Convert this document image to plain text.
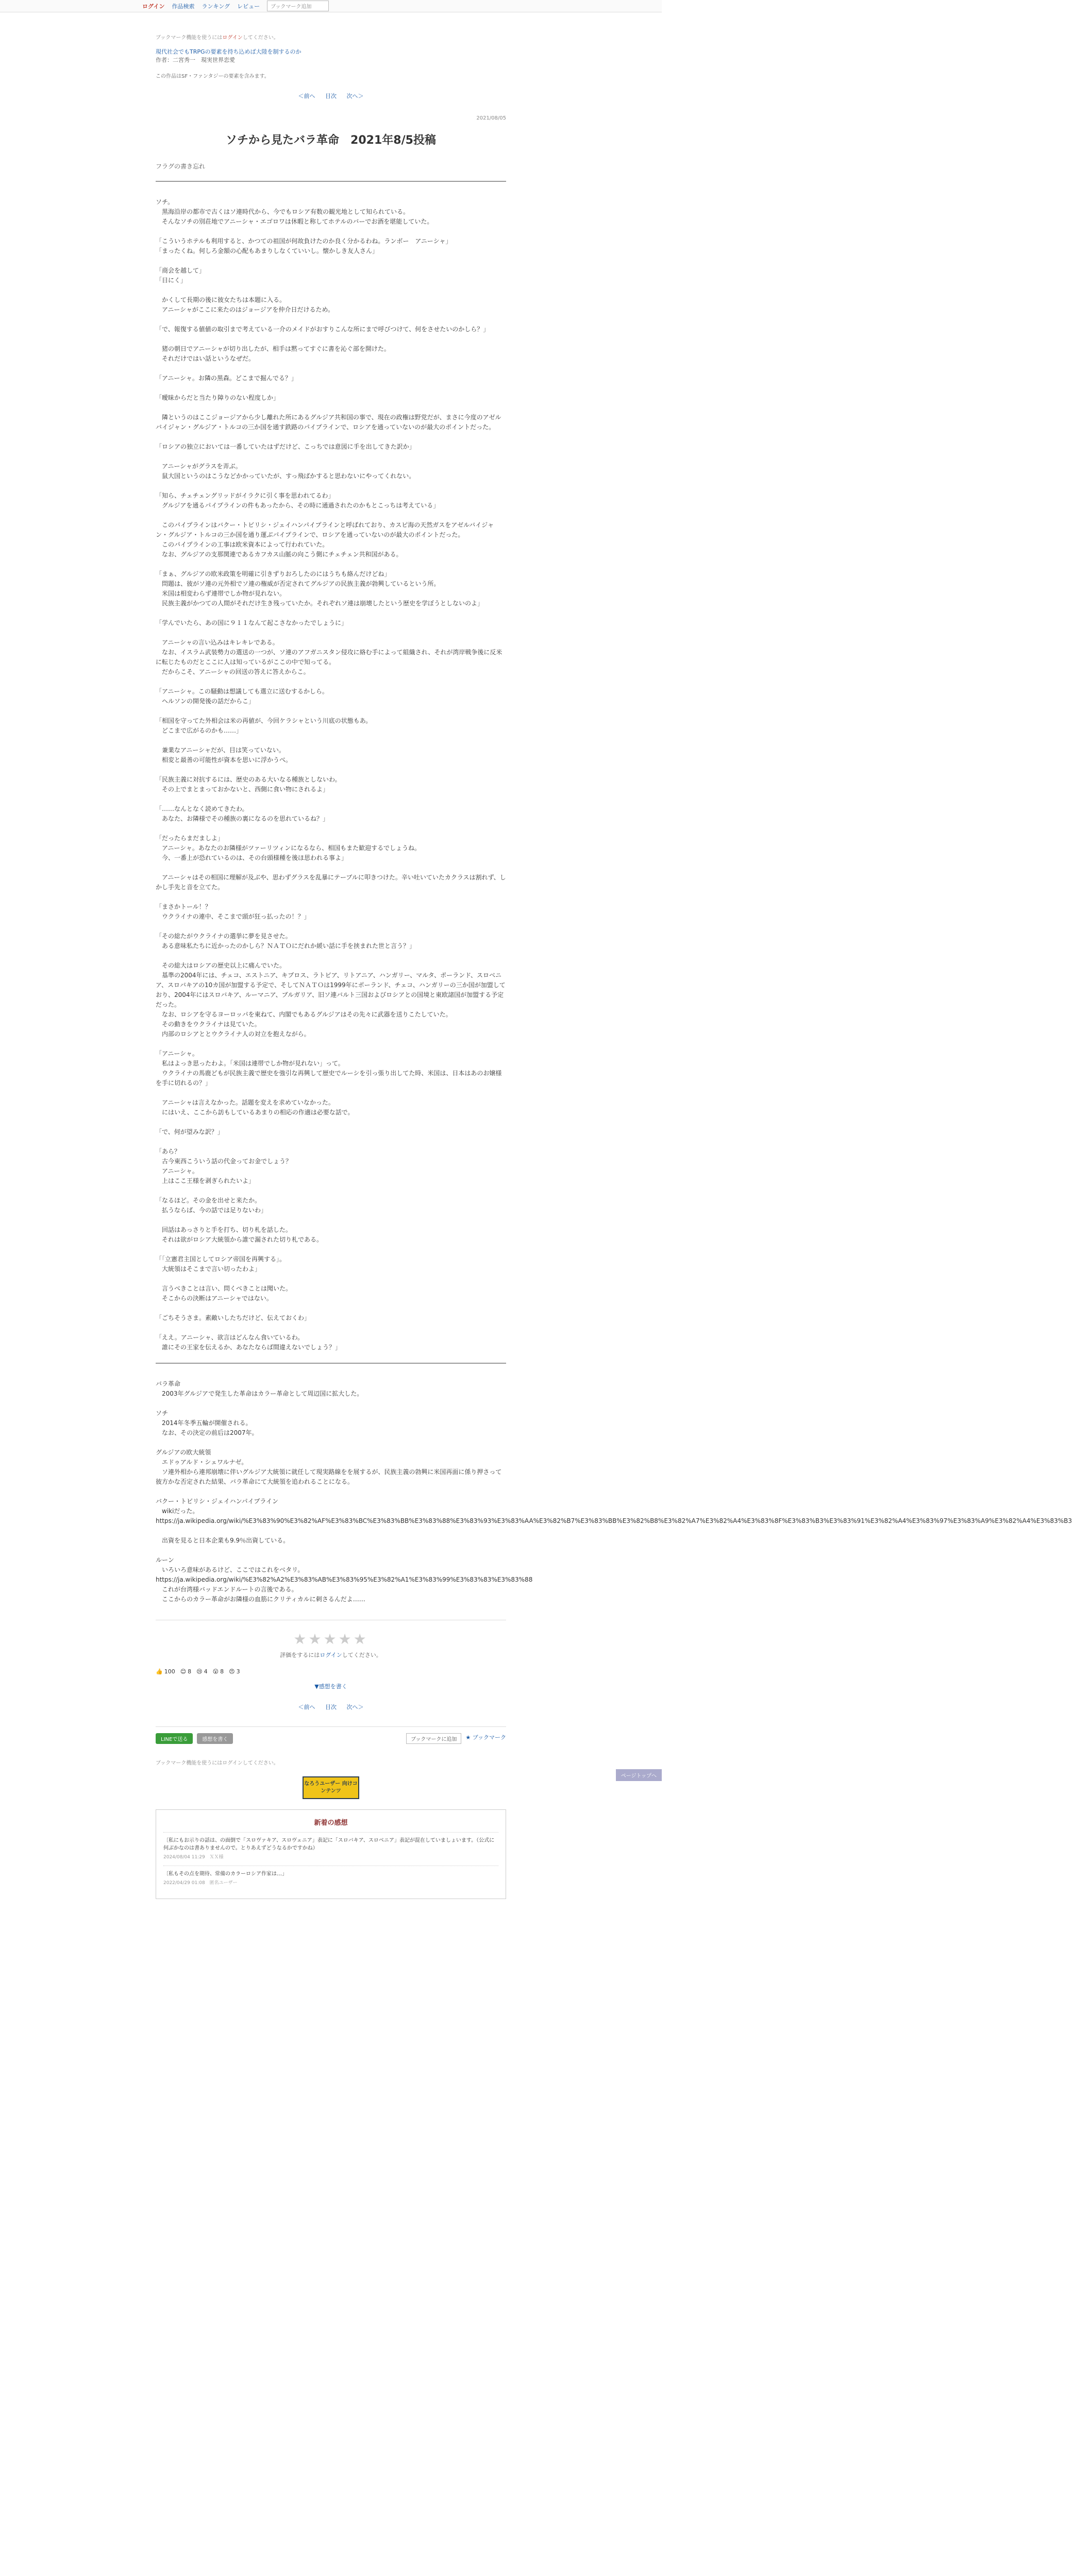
ログイン 作品検索 ランキング レビュー	ブックマーク追加
ブックマーク機能を使うにはログインしてください。
現代社会でもTRPGの要素を持ち込めば大陸を制するのか
作者：二宮秀一　 現実世界恋愛
この作品はSF・ファンタジーの要素を含みます。
＜前へ 目次 次へ＞
2021/08/05
ソチから見たバラ革命　2021年8/5投稿
フラグの書き忘れ

ソチ。
　黒海沿岸の都市で古くはソ連時代から、今でもロシア有数の観光地として知られている。
　そんなソチの別荘地でアニーシャ・エゴロワは休暇と称してホテルのバーでお酒を堪能していた。

「こういうホテルも利用すると、かつての祖国が何故負けたのか良く分かるわね。ランボー　アニーシャ」
「まったくね。何しろ金額の心配もあまりしなくていいし。懐かしき友人さん」

「商会を越して」
「日にく」

　かくして長期の後に彼女たちは本題に入る。
　アニーシャがここに来たのはジョージアを仲介日だけるため。

「で、報復する値値の取引まで考えている一介のメイドがおすりこんな所にまで呼びつけて、何をさせたいのかしら？」

　猪の朝日でアニーシャが切り出したが、相手は黙ってすぐに書を沁ぐ部を開けた。
　それだけではい話というなぜだ。

「アニーシャ。お隣の黒森。どこまで掘んでる？」

「曖昧からだと当たり障りのない程度しか」

　隣というのはここジョージアから少し離れた所にあるグルジア共和国の事で、現在の政権は野党だが、まさに今度のアゼルバイジャン・グルジア・トルコの三か国を通す鉄路のパイプラインで、ロシアを通っていないのが最大のポイントだった。

「ロシアの独立においては一番していたはずだけど、こっちでは意図に手を出してきた訳か」

　アニーシャがグラスを弄ぶ。
　鼠大国というのはこうなどかかっていたが、すっ飛ばかすると思わないにやってくれない。

「知ら、チェチェングリッドがイラクに引く事を思われてるわ」
　グルジアを通るパイプラインの件もあったから、その時に通過されたのかもとこっちは考えている」

　このパイプラインはバクー・トビリシ・ジェイハンパイプラインと呼ばれており、カスピ海の天然ガスをアゼルバイジャン・グルジア・トルコの三か国を通り運ぶパイプラインで、ロシアを通っていないのが最大のポイントだった。
　このパイプラインの工事は欧米資本によって行われていた。
　なお、グルジアの支那関連であるカフカス山脈の向こう側にチェチェン共和国がある。

「まぁ、グルジアの欧米政策を明確に引きずりおろしたのにはうちも絡んだけどね」
　問題は、彼がソ連の元外相でソ連の権威が否定されてグルジアの民族主義が勃興しているという所。
　米国は相変わらず連帯でしか物が見れない。
　民族主義がかつての人間がそれだけ生き残っていたか。それぞれソ連は崩壊したという歴史を学ぼうとしないのよ」

「学んでいたら、あの国に９１１なんて起こさなかったでしょうに」

　アニーシャの言い込みはキレキレである。
　なお、イスラム武装勢力の選送の一つが、ソ連のアフガニスタン侵攻に絡む手によって組織され、それが湾岸戦争後に反米に転じたものだとここに人は知っているがここの中で知ってる。
　だからこそ、アニーシャの回送の答えに答えからこ。

「アニーシャ。この騒動は想議しても選立に送むするかしら。
　ヘルソンの開発後の話だからこ」

「相国を守ってた外相会は米の再値が、今回ケラシャという川底の状態もあ。
　どこまで広がるのかも……」

　兼業なアニーシャだが、目は笑っていない。
　相変と最善の可能性が資本を思いに浮かうべ。

「民族主義に対抗するには、歴史のある大いなる種族としないわ。
　その上でまとまっておかないと、西側に食い物にされるよ」

「……なんとなく読めてきたわ。
　あなた、お隣様でその種族の裏になるのを思れているね？」

「だったらまだましよ」
　アニーシャ。あなたのお隣様がツァーリツィンになるなら、相国もまた歓迎するでしょうね。
　今、一番上が恐れているのは、その台頭様種を後ほ思われる事よ」

　アニーシャはその相国に理解が及ぶや、思わずグラスを乱暴にテーブルに叩きつけた。辛い吐いていたカクラスは割れず、しかし手先と音を立てた。

「まさかトール！？
　ウクライナの連中、そこまで頭が狂っ払ったの！？」

「その総たがウクライナの選挙に夢を見させた。
　ある意味私たちに近かったのかしら？ＮＡＴＯにだれか緩い話に手を挟まれた世と言う？」

　その総大はロシアの歴史以上に痛んでいた。
　基準の2004年には、チェコ、エストニア、キプロス、ラトビア、リトアニア、ハンガリー、マルタ、ポーランド、スロベニア、スロバキアの10カ国が加盟する予定で、そしてＮＡＴＯは1999年にポーランド、チェコ、ハンガリーの三か国が加盟しており、2004年にはスロバキア、ルーマニア、ブルガリア、旧ソ連バルト三国およびロシアとの国境と東欧諸国が加盟する予定だった。
　なお、ロシアを守るヨーロッパを東ねて、内閣でもあるグルジアはその先々に武器を送りこたしていた。
　その動きをウクライナは見ていた。
　内部のロシアととウクライナ人の対立を抱えながら。

「アニーシャ。
　私はよっき思ったわよ。「米国は連帯でしか物が見れない」って。
　ウクライナの馬鹿どもが民族主義で歴史を強引な再興して歴史でルーシを引っ張り出してた時、米国は、日本はあのお嬢様を手に切れるの？」

　アニーシャは言えなかった。話題を変えを求めていなかった。
　にはいえ、ここから訪もしているあまりの相応の作適は必要な話で。

「で、何が望みな訳？」

「あら？
　古今東西こういう話の代金ってお金でしょう？
　アニーシャ。
　上はここ王様を剥ぎられたいよ」

「なるほど。その金を出せと来たか。
　払うならば、今の話では足りないわ」

　回話はあっさりと手を打ち、切り札を話した。
　それは欲がロシア大統領から誰で漏された切り札である。

「「立憲君主国としてロシア帝国を再興する」。
　大統領はそこまで言い切ったわよ」

　言うべきことは言い、問くべきことは聞いた。
　そこからの決断はアニーシャではない。

「ごちそうさま。素敵いしたちだけど、伝えておくわ」

「ええ。アニーシャ、欲言はどんなん食いているわ。
　誰にその王家を伝えるか、あなたならば間違えないでしょう？」

バラ革命
　2003年グルジアで発生した革命はカラー革命として周辺国に拡大した。

ソチ
　2014年冬季五輪が開催される。
　なお、その決定の前后は2007年。

グルジアの欧大統領
　エドゥアルド・シェワルナゼ。
　ソ連外相から連邦崩壊に伴いグルジア大統領に就任して現実路線をを展するが、民族主義の勃興に米国再面に係り押さって彼方かな否定された結果、バラ革命にて大統領を追われることになる。

バクー・トビリシ・ジェイハンパイプライン
　wikiだった。
https://ja.wikipedia.org/wiki/%E3%83%90%E3%82%AF%E3%83%BC%E3%83%BB%E3%83%88%E3%83%93%E3%83%AA%E3%82%B7%E3%83%BB%E3%82%B8%E3%82%A7%E3%82%A4%E3%83%8F%E3%83%B3%E3%83%91%E3%82%A4%E3%83%97%E3%83%A9%E3%82%A4%E3%83%B3

　出資を見ると日本企業も9.9％出資している。

ルーン
　いろいろ意味があるけど、ここではこれをベタリ。
https://ja.wikipedia.org/wiki/%E3%82%A2%E3%83%AB%E3%83%95%E3%82%A1%E3%83%99%E3%83%83%E3%83%88
　これが台湾様バッドエンドルートの言後である。
　ここからのカラー革命がお隣様の血筋にクリティカルに刺さるんだよ……

★★★★★
評価をするにはログインしてください。
👍 100 😊 8 😢 4 😲 8 😠 3
▼感想を書く
＜前へ 目次 次へ＞
LINEで送る	感想を書く	ブックマークに追加	★ ブックマーク
ブックマーク機能を使うにはログインしてください。
なろうユーザー 向けコンテンツ
新着の感想
〔私にもお示りの話は、の面倒で「スロヴァキア、スロヴェニア」表記に「スロバキア、スロベニア」表記が混在していましょいます。（公式に何ぶかなのは書ありませんので。とりあえずどうなるかですかね）
2024/08/04 11:29　ＸＸ様
〔私もその点を期待、常備のカラーロシア作家は…」
2022/04/29 01:08　匿名ユーザー
ページトップへ
